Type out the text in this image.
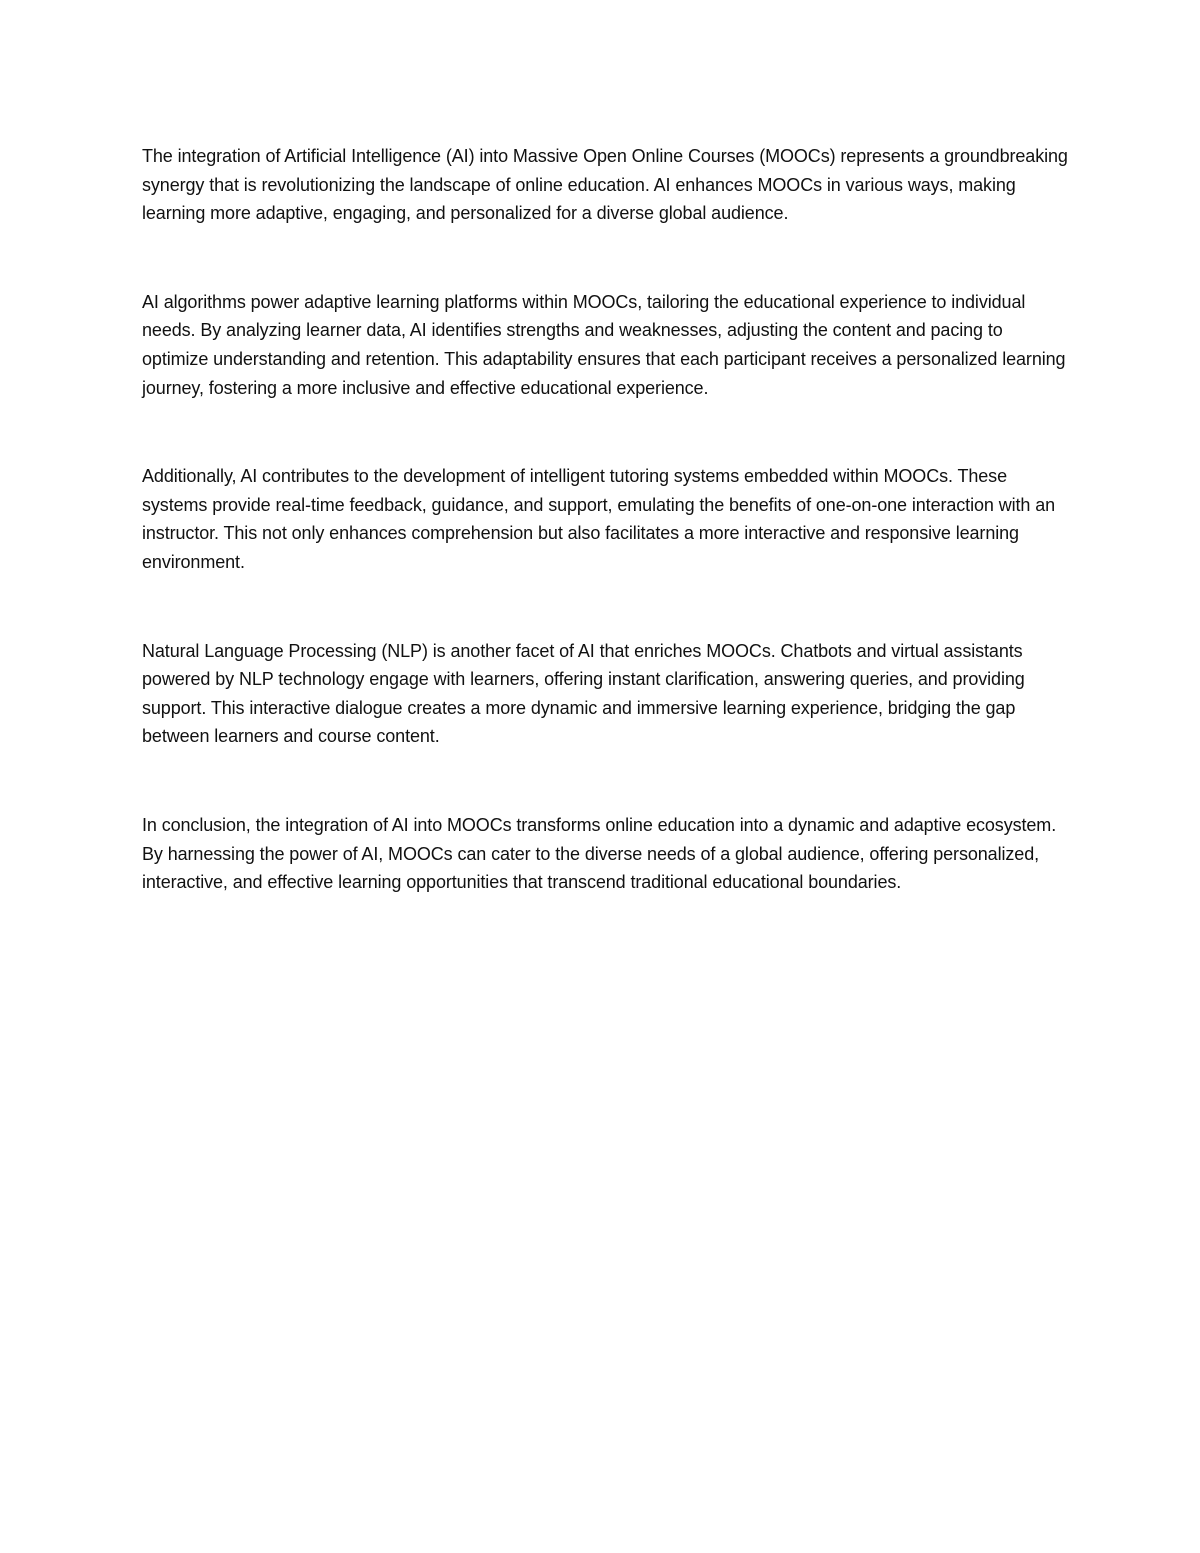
The integration of Artificial Intelligence (AI) into Massive Open Online Courses (MOOCs) represents a groundbreaking synergy that is revolutionizing the landscape of online education. AI enhances MOOCs in various ways, making learning more adaptive, engaging, and personalized for a diverse global audience.

AI algorithms power adaptive learning platforms within MOOCs, tailoring the educational experience to individual needs. By analyzing learner data, AI identifies strengths and weaknesses, adjusting the content and pacing to optimize understanding and retention. This adaptability ensures that each participant receives a personalized learning journey, fostering a more inclusive and effective educational experience.

Additionally, AI contributes to the development of intelligent tutoring systems embedded within MOOCs. These systems provide real-time feedback, guidance, and support, emulating the benefits of one-on-one interaction with an instructor. This not only enhances comprehension but also facilitates a more interactive and responsive learning environment.

Natural Language Processing (NLP) is another facet of AI that enriches MOOCs. Chatbots and virtual assistants powered by NLP technology engage with learners, offering instant clarification, answering queries, and providing support. This interactive dialogue creates a more dynamic and immersive learning experience, bridging the gap between learners and course content.

In conclusion, the integration of AI into MOOCs transforms online education into a dynamic and adaptive ecosystem. By harnessing the power of AI, MOOCs can cater to the diverse needs of a global audience, offering personalized, interactive, and effective learning opportunities that transcend traditional educational boundaries.
